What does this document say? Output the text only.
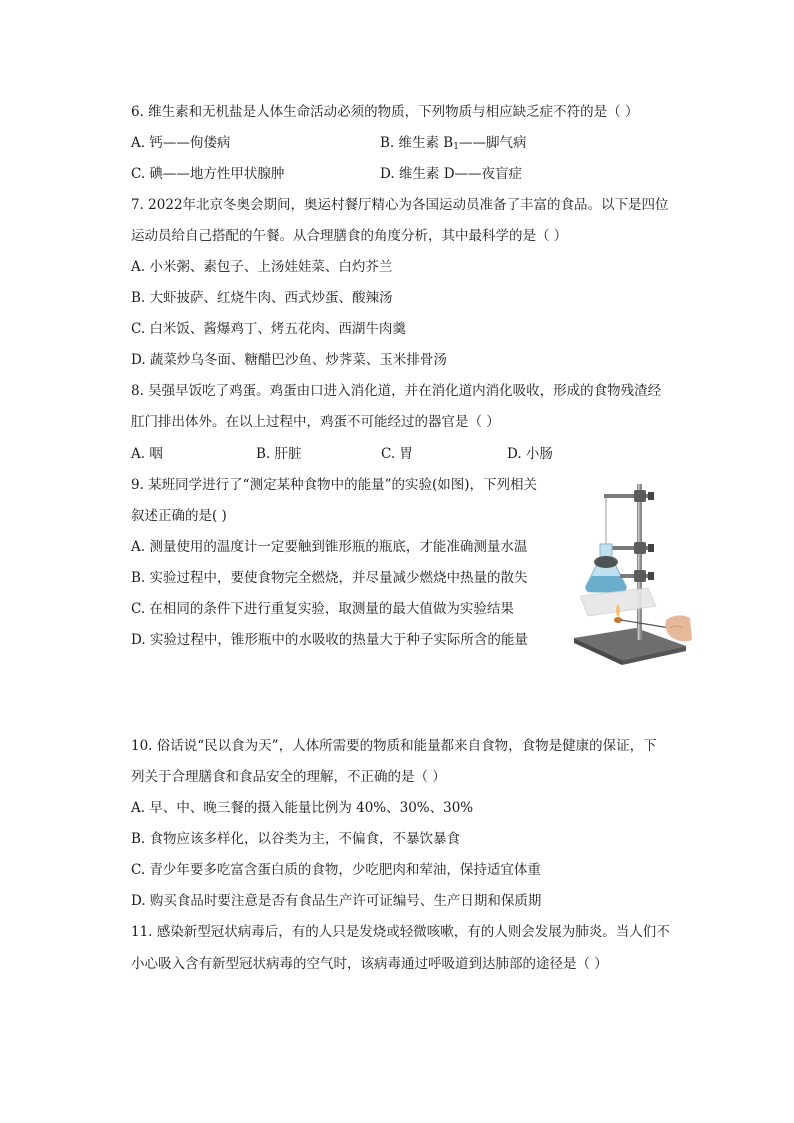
6. 维生素和无机盐是人体生命活动必须的物质，下列物质与相应缺乏症不符的是（ ）
A. 钙——佝偻病	B. 维生素 $B_1——$脚气病
C. 碘——地方性甲状腺肿	D. 维生素 D——夜盲症
7. 2022年北京冬奥会期间，奥运村餐厅精心为各国运动员准备了丰富的食品。以下是四位
运动员给自己搭配的午餐。从合理膳食的角度分析，其中最科学的是（ ）
A. 小米粥、素包子、上汤娃娃菜、白灼芥兰
B. 大虾披萨、红烧牛肉、西式炒蛋、酸辣汤
C. 白米饭、酱爆鸡丁、烤五花肉、西湖牛肉羹
D. 蔬菜炒乌冬面、糖醋巴沙鱼、炒荠菜、玉米排骨汤
8. 吴强早饭吃了鸡蛋。鸡蛋由口进入消化道，并在消化道内消化吸收，形成的食物残渣经
肛门排出体外。在以上过程中，鸡蛋不可能经过的器官是（ ）
A. 咽	B. 肝脏	C. 胃	D. 小肠
9. 某班同学进行了“测定某种食物中的能量”的实验(如图)，下列相关
叙述正确的是( )
A. 测量使用的温度计一定要触到锥形瓶的瓶底，才能准确测量水温
B. 实验过程中，要使食物完全燃烧，并尽量减少燃烧中热量的散失
C. 在相同的条件下进行重复实验，取测量的最大值做为实验结果
D. 实验过程中，锥形瓶中的水吸收的热量大于种子实际所含的能量
10. 俗话说“民以食为天”，人体所需要的物质和能量都来自食物，食物是健康的保证，下
列关于合理膳食和食品安全的理解，不正确的是（ ）
A. 早、中、晚三餐的摄入能量比例为 40%、30%、30%
B. 食物应该多样化，以谷类为主，不偏食，不暴饮暴食
C. 青少年要多吃富含蛋白质的食物，少吃肥肉和荤油，保持适宜体重
D. 购买食品时要注意是否有食品生产许可证编号、生产日期和保质期
11. 感染新型冠状病毒后，有的人只是发烧或轻微咳嗽，有的人则会发展为肺炎。当人们不
小心吸入含有新型冠状病毒的空气时，该病毒通过呼吸道到达肺部的途径是（ ）
